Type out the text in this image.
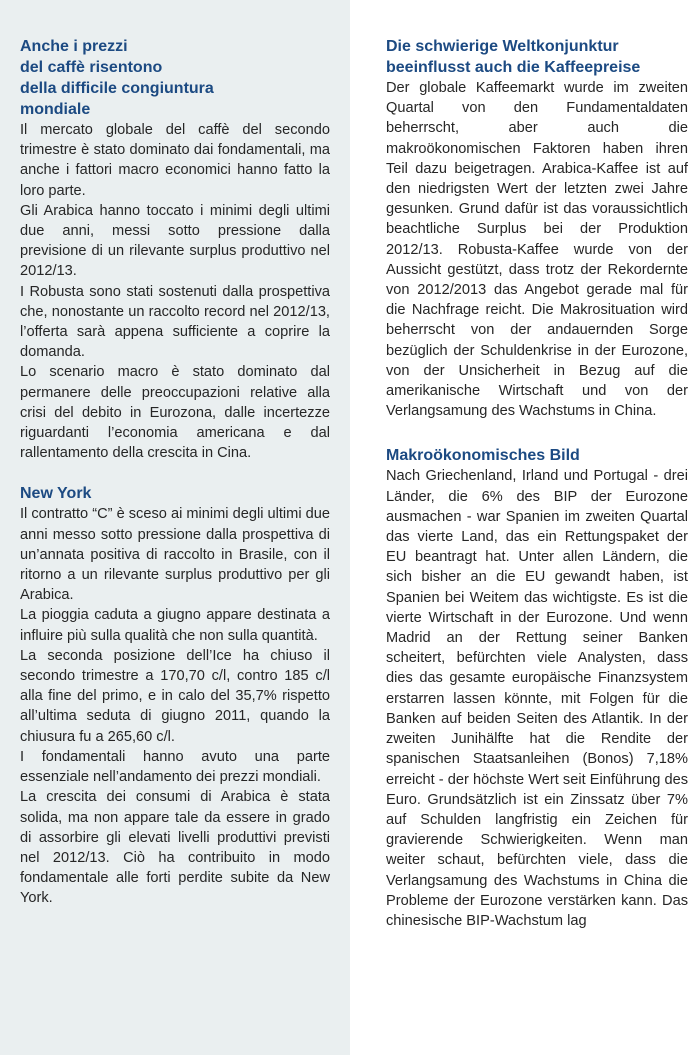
Anche i prezzi
del caffè risentono
della difficile congiuntura
mondiale

Il mercato globale del caffè del secondo trimestre è stato dominato dai fondamentali, ma anche i fattori macro economici hanno fatto la loro parte.

Gli Arabica hanno toccato i minimi degli ultimi due anni, messi sotto pressione dalla previsione di un rilevante surplus produttivo nel 2012/13.

I Robusta sono stati sostenuti dalla prospettiva che, nonostante un raccolto record nel 2012/13, l’offerta sarà appena sufficiente a coprire la domanda.

Lo scenario macro è stato dominato dal permanere delle preoccupazioni relative alla crisi del debito in Eurozona, dalle incertezze riguardanti l’economia americana e dal rallentamento della crescita in Cina.

New York

Il contratto “C” è sceso ai minimi degli ultimi due anni messo sotto pressione dalla prospettiva di un’annata positiva di raccolto in Brasile, con il ritorno a un rilevante surplus produttivo per gli Arabica.

La pioggia caduta a giugno appare destinata a influire più sulla qualità che non sulla quantità.

La seconda posizione dell’Ice ha chiuso il secondo trimestre a 170,70 c/l, contro 185 c/l alla fine del primo, e in calo del 35,7% rispetto all’ultima seduta di giugno 2011, quando la chiusura fu a 265,60 c/l.

I fondamentali hanno avuto una parte essenziale nell’andamento dei prezzi mondiali.

La crescita dei consumi di Arabica è stata solida, ma non appare tale da essere in grado di assorbire gli elevati livelli produttivi previsti nel 2012/13. Ciò ha contribuito in modo fondamentale alle forti perdite subite da New York.

Die schwierige Weltkonjunktur beeinflusst auch die Kaffeepreise

Der globale Kaffeemarkt wurde im zweiten Quartal von den Fundamentaldaten beherrscht, aber auch die makroökonomischen Faktoren haben ihren Teil dazu beigetragen. Arabica-Kaffee ist auf den niedrigsten Wert der letzten zwei Jahre gesunken. Grund dafür ist das voraussichtlich beachtliche Surplus bei der Produktion 2012/13. Robusta-Kaffee wurde von der Aussicht gestützt, dass trotz der Rekordernte von 2012/2013 das Angebot gerade mal für die Nachfrage reicht. Die Makrosituation wird beherrscht von der andauernden Sorge bezüglich der Schuldenkrise in der Eurozone, von der Unsicherheit in Bezug auf die amerikanische Wirtschaft und von der Verlangsamung des Wachstums in China.

Makroökonomisches Bild

Nach Griechenland, Irland und Portugal - drei Länder, die 6% des BIP der Eurozone ausmachen - war Spanien im zweiten Quartal das vierte Land, das ein Rettungspaket der EU beantragt hat. Unter allen Ländern, die sich bisher an die EU gewandt haben, ist Spanien bei Weitem das wichtigste. Es ist die vierte Wirtschaft in der Eurozone. Und wenn Madrid an der Rettung seiner Banken scheitert, befürchten viele Analysten, dass dies das gesamte europäische Finanzsystem erstarren lassen könnte, mit Folgen für die Banken auf beiden Seiten des Atlantik. In der zweiten Junihälfte hat die Rendite der spanischen Staatsanleihen (Bonos) 7,18% erreicht - der höchste Wert seit Einführung des Euro. Grundsätzlich ist ein Zinssatz über 7% auf Schulden langfristig ein Zeichen für gravierende Schwierigkeiten. Wenn man weiter schaut, befürchten viele, dass die Verlangsamung des Wachstums in China die Probleme der Eurozone verstärken kann. Das chinesische BIP-Wachstum lag
